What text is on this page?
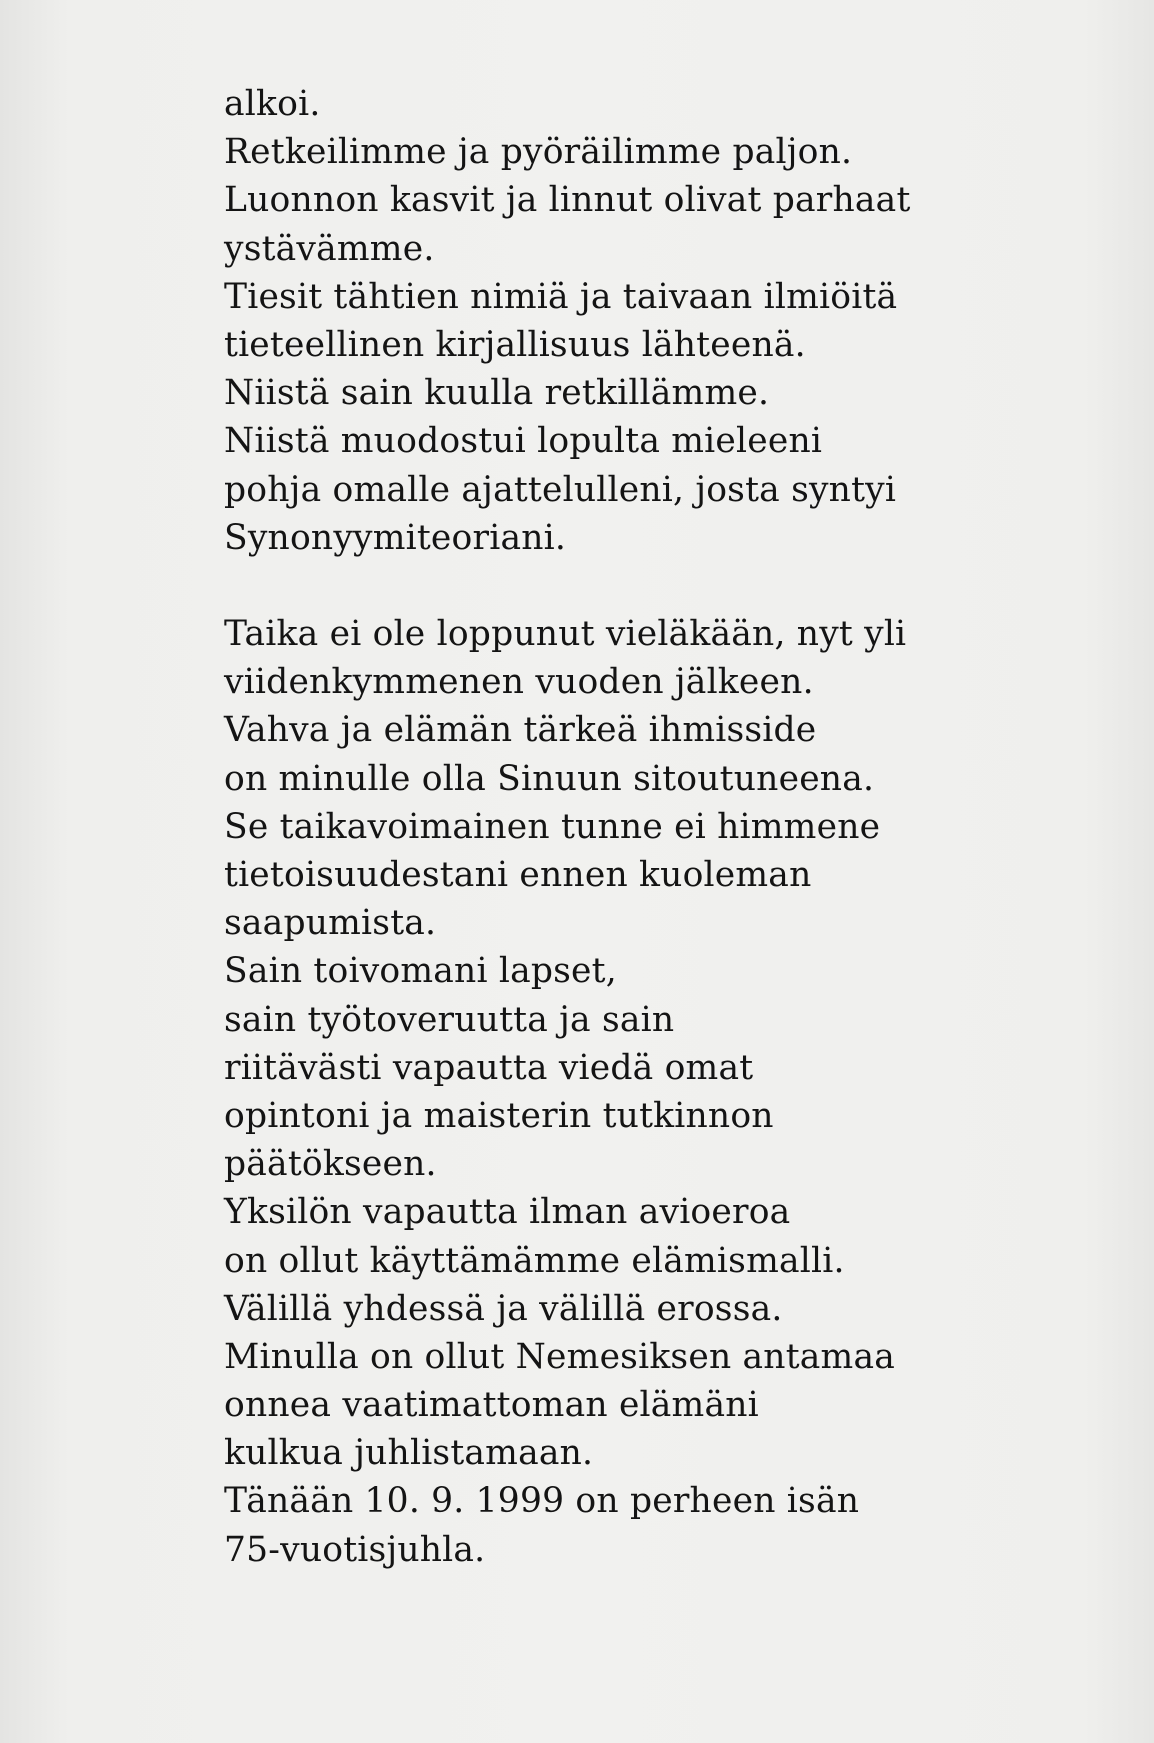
alkoi.
Retkeilimme ja pyöräilimme paljon.
Luonnon kasvit ja linnut olivat parhaat
ystävämme.
Tiesit tähtien nimiä ja taivaan ilmiöitä
tieteellinen kirjallisuus lähteenä.
Niistä sain kuulla retkillämme.
Niistä muodostui lopulta mieleeni
pohja omalle ajattelulleni, josta syntyi
Synonyymiteoriani.
Taika ei ole loppunut vieläkään, nyt yli
viidenkymmenen vuoden jälkeen.
Vahva ja elämän tärkeä ihmisside
on minulle olla Sinuun sitoutuneena.
Se taikavoimainen tunne ei himmene
tietoisuudestani ennen kuoleman
saapumista.
Sain toivomani lapset,
sain työtoveruutta ja sain
riitävästi vapautta viedä omat
opintoni ja maisterin tutkinnon
päätökseen.
Yksilön vapautta ilman avioeroa
on ollut käyttämämme elämismalli.
Välillä yhdessä ja välillä erossa.
Minulla on ollut Nemesiksen antamaa
onnea vaatimattoman elämäni
kulkua juhlistamaan.
Tänään 10. 9. 1999 on perheen isän
75-vuotisjuhla.
